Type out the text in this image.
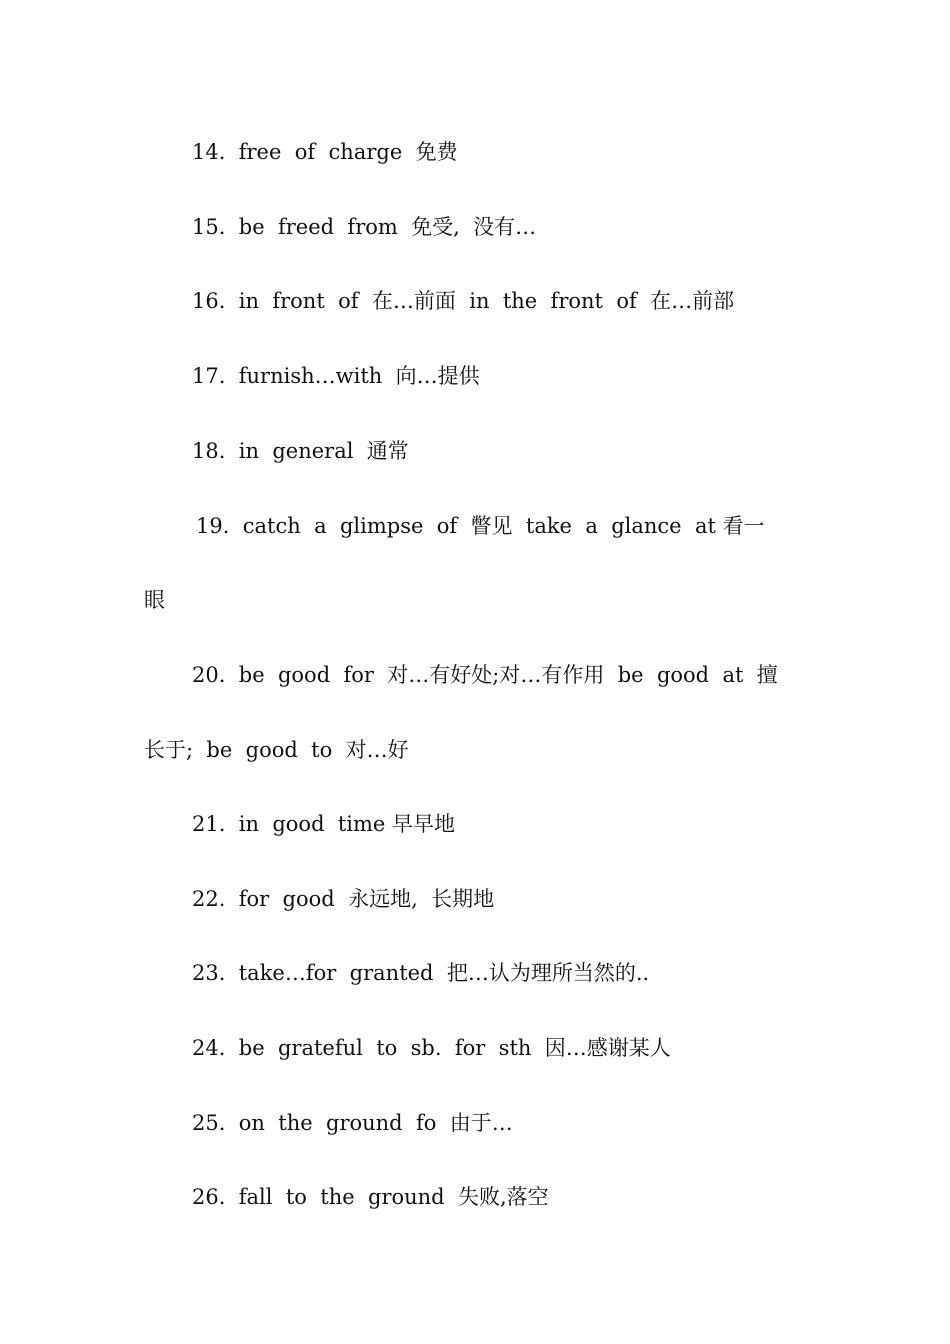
14.  free  of  charge  免费
15.  be  freed  from  免受,  没有…
16.  in  front  of  在…前面  in  the  front  of  在…前部
17.  furnish…with  向…提供
18.  in  general  通常
19.  catch  a  glimpse  of  瞥见  take  a  glance  at 看一
眼
20.  be  good  for  对…有好处;对…有作用  be  good  at  擅
长于;  be  good  to  对…好
21.  in  good  time 早早地
22.  for  good  永远地,  长期地
23.  take…for  granted  把…认为理所当然的..
24.  be  grateful  to  sb.  for  sth  因…感谢某人
25.  on  the  ground  fo  由于…
26.  fall  to  the  ground  失败,落空
